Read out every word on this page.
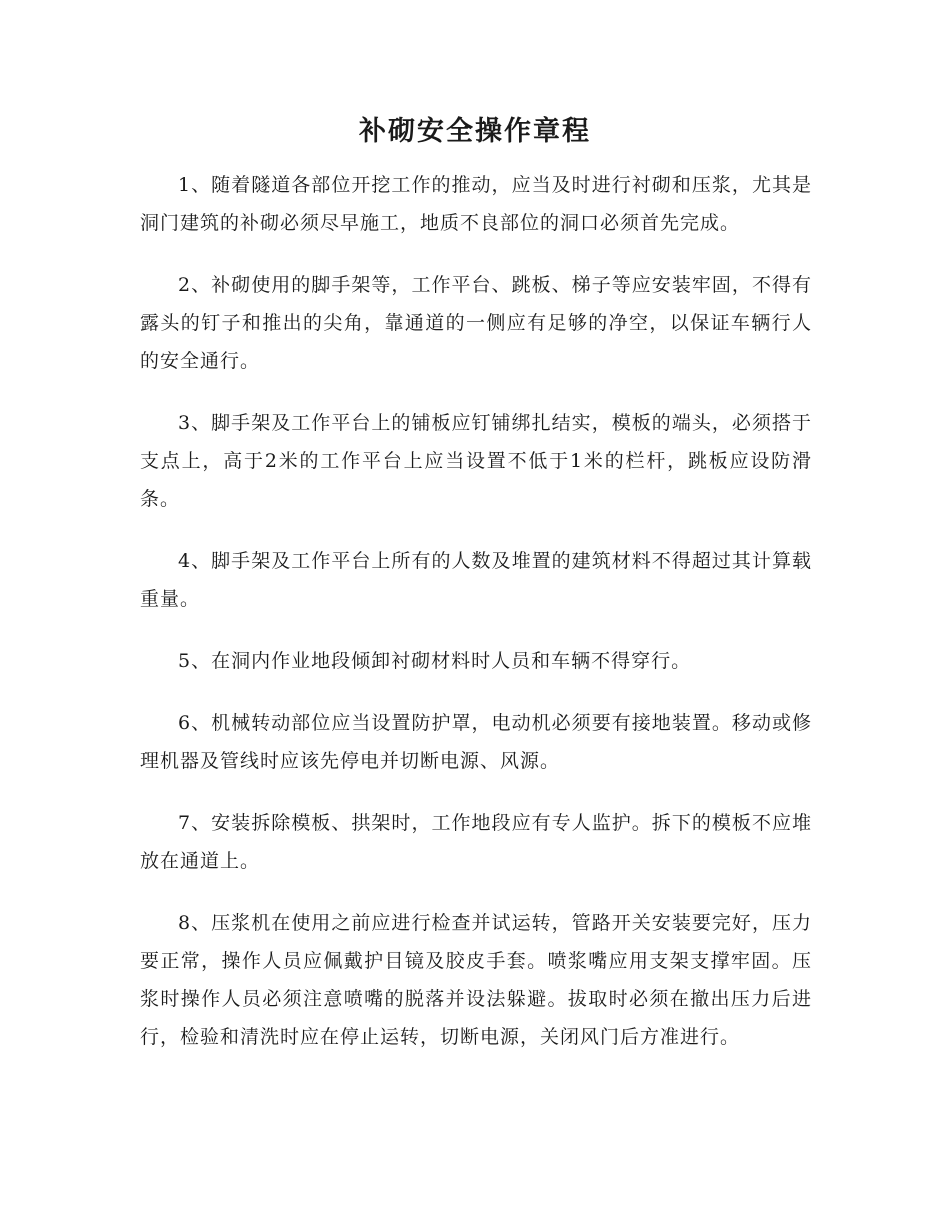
补砌安全操作章程

1、随着隧道各部位开挖工作的推动，应当及时进行衬砌和压浆，尤其是洞门建筑的补砌必须尽早施工，地质不良部位的洞口必须首先完成。

2、补砌使用的脚手架等，工作平台、跳板、梯子等应安装牢固，不得有露头的钉子和推出的尖角，靠通道的一侧应有足够的净空，以保证车辆行人的安全通行。

3、脚手架及工作平台上的铺板应钉铺绑扎结实，模板的端头，必须搭于支点上，高于2米的工作平台上应当设置不低于1米的栏杆，跳板应设防滑条。

4、脚手架及工作平台上所有的人数及堆置的建筑材料不得超过其计算载重量。

5、在洞内作业地段倾卸衬砌材料时人员和车辆不得穿行。

6、机械转动部位应当设置防护罩，电动机必须要有接地装置。移动或修理机器及管线时应该先停电并切断电源、风源。

7、安装拆除模板、拱架时，工作地段应有专人监护。拆下的模板不应堆放在通道上。

8、压浆机在使用之前应进行检查并试运转，管路开关安装要完好，压力要正常，操作人员应佩戴护目镜及胶皮手套。喷浆嘴应用支架支撑牢固。压浆时操作人员必须注意喷嘴的脱落并设法躲避。拔取时必须在撤出压力后进行，检验和清洗时应在停止运转，切断电源，关闭风门后方准进行。
